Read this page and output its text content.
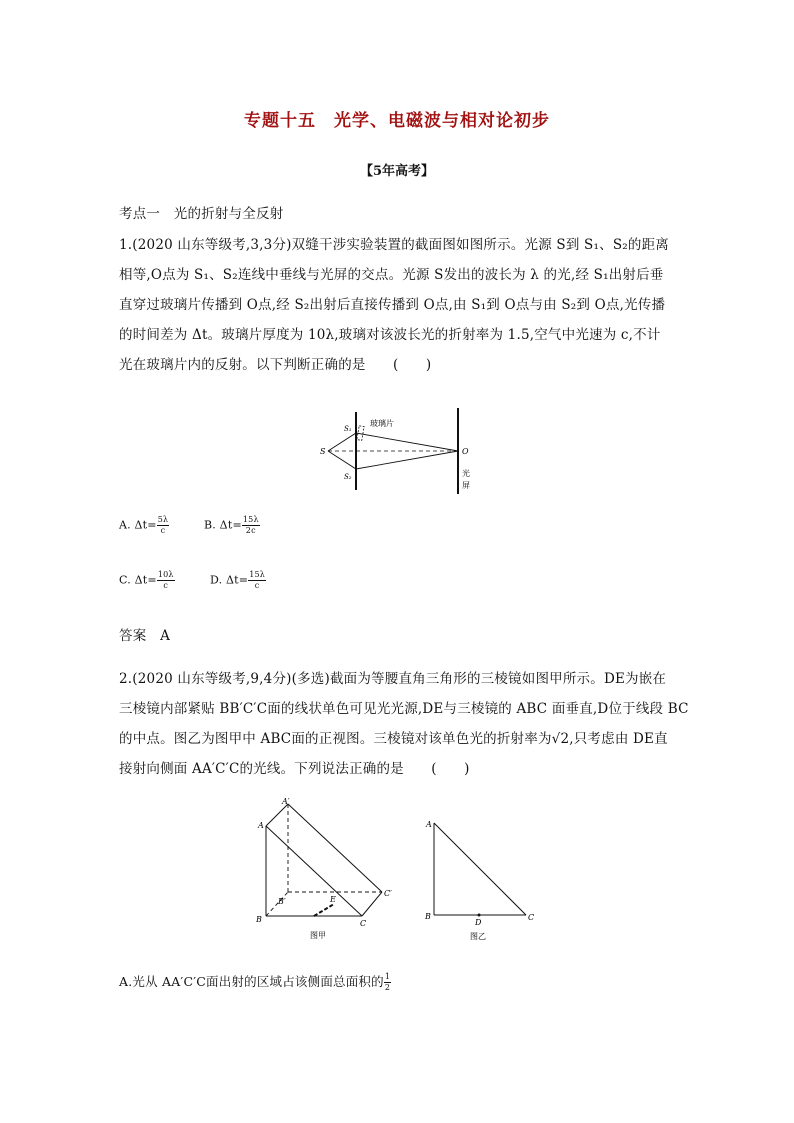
专题十五　光学、电磁波与相对论初步
【5年高考】
考点一　光的折射与全反射
1.(2020 山东等级考,3,3分)双缝干涉实验装置的截面图如图所示。光源 S到 S₁、S₂的距离
相等,O点为 S₁、S₂连线中垂线与光屏的交点。光源 S发出的波长为 λ 的光,经 S₁出射后垂
直穿过玻璃片传播到 O点,经 S₂出射后直接传播到 O点,由 S₁到 O点与由 S₂到 O点,光传播
的时间差为 Δt。玻璃片厚度为 10λ,玻璃对该波长光的折射率为 1.5,空气中光速为 c,不计
光在玻璃片内的反射。以下判断正确的是　　(　　)
S
S₁
S₂
O
玻璃片
光
屏
A. $\Delta t= \frac{5\lambda}{c}$	B. $\Delta t= \frac{15\lambda}{2c}$
C. $\Delta t= \frac{10\lambda}{c}$	D. $\Delta t= \frac{15\lambda}{c}$
答案　A
2.(2020 山东等级考,9,4分)(多选)截面为等腰直角三角形的三棱镜如图甲所示。DE为嵌在
三棱镜内部紧贴 BB′C′C面的线状单色可见光光源,DE与三棱镜的 ABC 面垂直,D位于线段 BC
的中点。图乙为图甲中 ABC面的正视图。三棱镜对该单色光的折射率为√2,只考虑由 DE直
接射向侧面 AA′C′C的光线。下列说法正确的是　　(　　)
A′
A
B
B′
C
C′
E
图甲
A
B	C
D
图乙
A.光从 AA′C′C面出射的区域占该侧面总面积的 $\frac{1}{2}$
